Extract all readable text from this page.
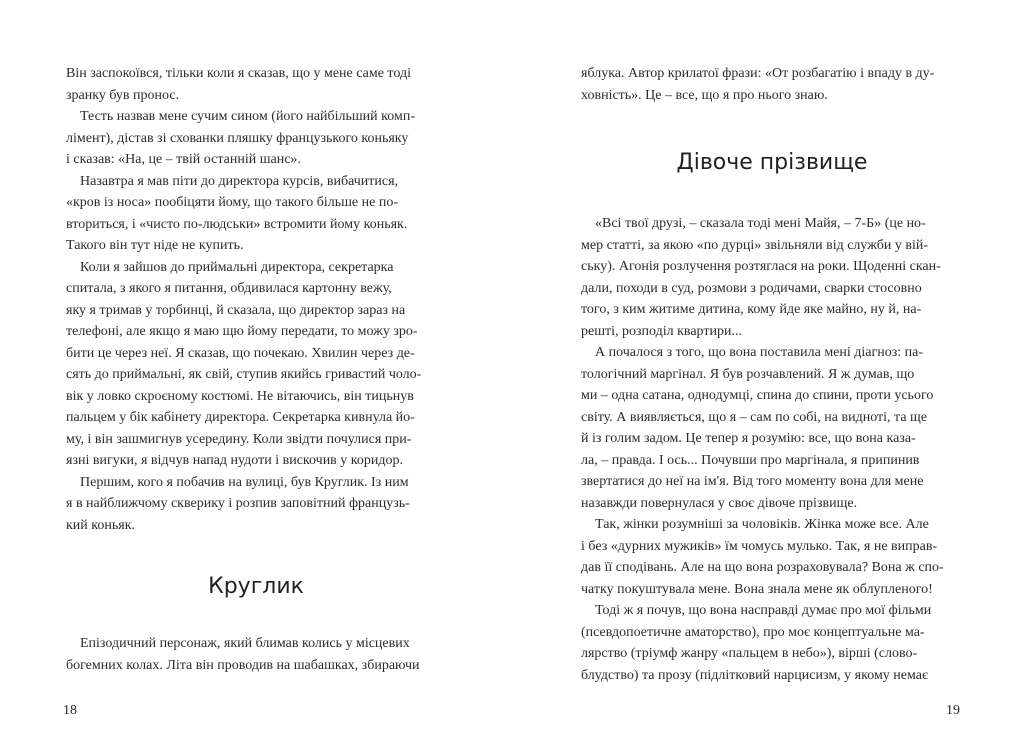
Він заспокоївся, тільки коли я сказав, що у мене саме тоді
зранку був пронос.
Тесть назвав мене сучим сином (його найбільший комп-
лімент), дістав зі схованки пляшку французького коньяку
і сказав: «На, це – твій останній шанс».
Назавтра я мав піти до директора курсів, вибачитися,
«кров із носа» пообіцяти йому, що такого більше не по-
вториться, і «чисто по-людськи» встромити йому коньяк.
Такого він тут ніде не купить.
Коли я зайшов до приймальні директора, секретарка
спитала, з якого я питання, обдивилася картонну вежу,
яку я тримав у торбинці, й сказала, що директор зараз на
телефоні, але якщо я маю щю йому передати, то можу зро-
бити це через неї. Я сказав, що почекаю. Хвилин через де-
сять до приймальні, як свій, ступив якийсь гривастий чоло-
вік у ловко скроєному костюмі. Не вітаючись, він тицьнув
пальцем у бік кабінету директора. Секретарка кивнула йо-
му, і він зашмигнув усередину. Коли звідти почулися при-
язні вигуки, я відчув напад нудоти і вискочив у коридор.
Першим, кого я побачив на вулиці, був Круглик. Із ним
я в найближчому скверику і розпив заповітний французь-
кий коньяк.
Круглик
Епізодичний персонаж, який блимав колись у місцевих
богемних колах. Літа він проводив на шабашках, збираючи
18
яблука. Автор крилатої фрази: «От розбагатію і впаду в ду-
ховність». Це – все, що я про нього знаю.
Дівоче прізвище
«Всі твої друзі, – сказала тоді мені Майя, – 7-Б» (це но-
мер статті, за якою «по дурці» звільняли від служби у вій-
ську). Агонія розлучення розтяглася на роки. Щоденні скан-
дали, походи в суд, розмови з родичами, сварки стосовно
того, з ким житиме дитина, кому йде яке майно, ну й, на-
решті, розподіл квартири...
А почалося з того, що вона поставила мені діагноз: па-
тологічний маргінал. Я був розчавлений. Я ж думав, що
ми – одна сатана, однодумці, спина до спини, проти усього
світу. А виявляється, що я – сам по собі, на видноті, та ще
й із голим задом. Це тепер я розумію: все, що вона каза-
ла, – правда. І ось... Почувши про маргінала, я припинив
звертатися до неї на ім'я. Від того моменту вона для мене
назавжди повернулася у своє дівоче прізвище.
Так, жінки розумніші за чоловіків. Жінка може все. Але
і без «дурних мужиків» їм чомусь мулько. Так, я не виправ-
дав її сподівань. Але на що вона розраховувала? Вона ж спо-
чатку покуштувала мене. Вона знала мене як облупленого!
Тоді ж я почув, що вона насправді думає про мої фільми
(псевдопоетичне аматорство), про моє концептуальне ма-
лярство (тріумф жанру «пальцем в небо»), вірші (слово-
блудство) та прозу (підлітковий нарцисизм, у якому немає
19
